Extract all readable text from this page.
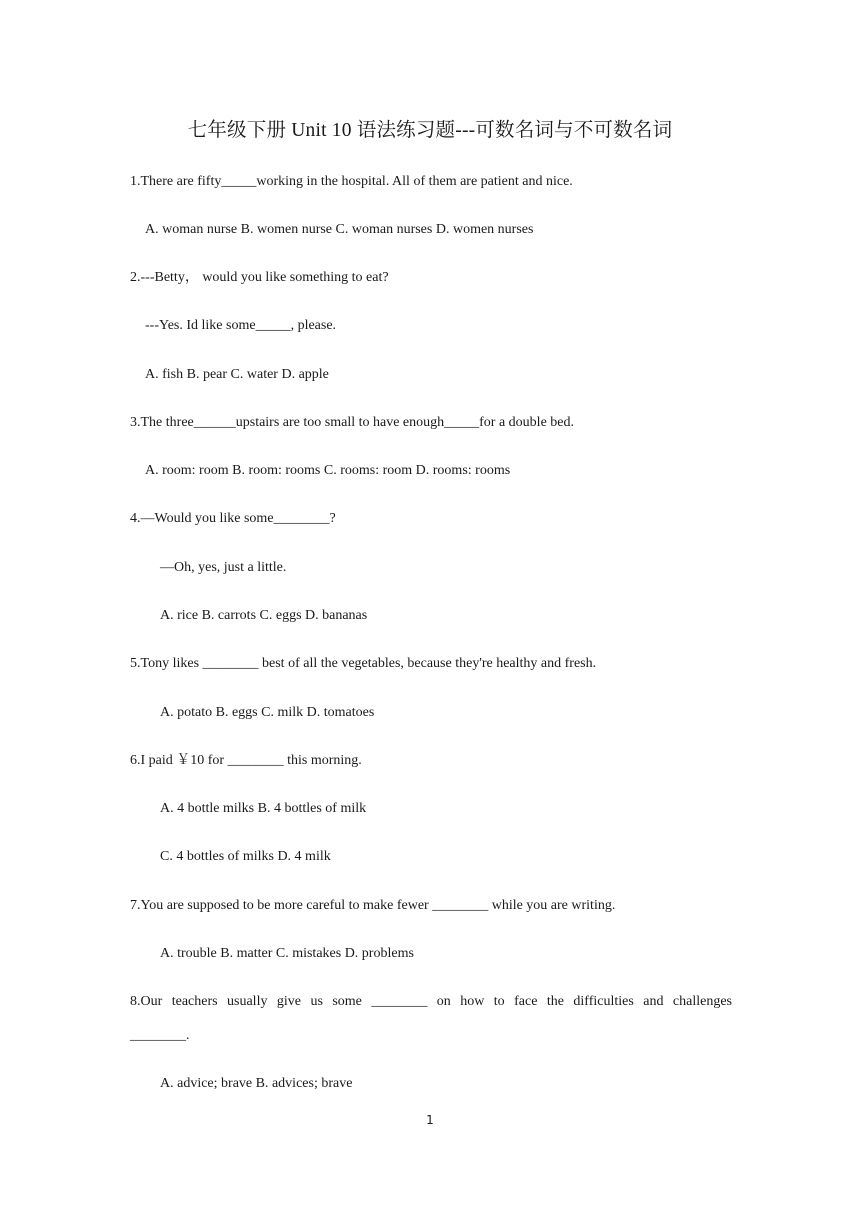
七年级下册 Unit 10 语法练习题---可数名词与不可数名词
1.There are fifty_____working in the hospital. All of them are patient and nice.
A. woman nurse B. women nurse C. woman nurses D. women nurses
2.---Betty， would you like something to eat?
---Yes. Id like some_____, please.
A. fish B. pear C. water D. apple
3.The three______upstairs are too small to have enough_____for a double bed.
A. room: room B. room: rooms C. rooms: room D. rooms: rooms
4.—Would you like some________?
—Oh, yes, just a little.
A. rice B. carrots C. eggs D. bananas
5.Tony likes ________ best of all the vegetables, because they're healthy and fresh.
A. potato B. eggs C. milk D. tomatoes
6.I paid ￥10 for ________ this morning.
A. 4 bottle milks B. 4 bottles of milk
C. 4 bottles of milks D. 4 milk
7.You are supposed to be more careful to make fewer ________ while you are writing.
A. trouble B. matter C. mistakes D. problems
8.Our teachers usually give us some ________ on how to face the difficulties and challenges
________.
A. advice; brave B. advices; brave
1
